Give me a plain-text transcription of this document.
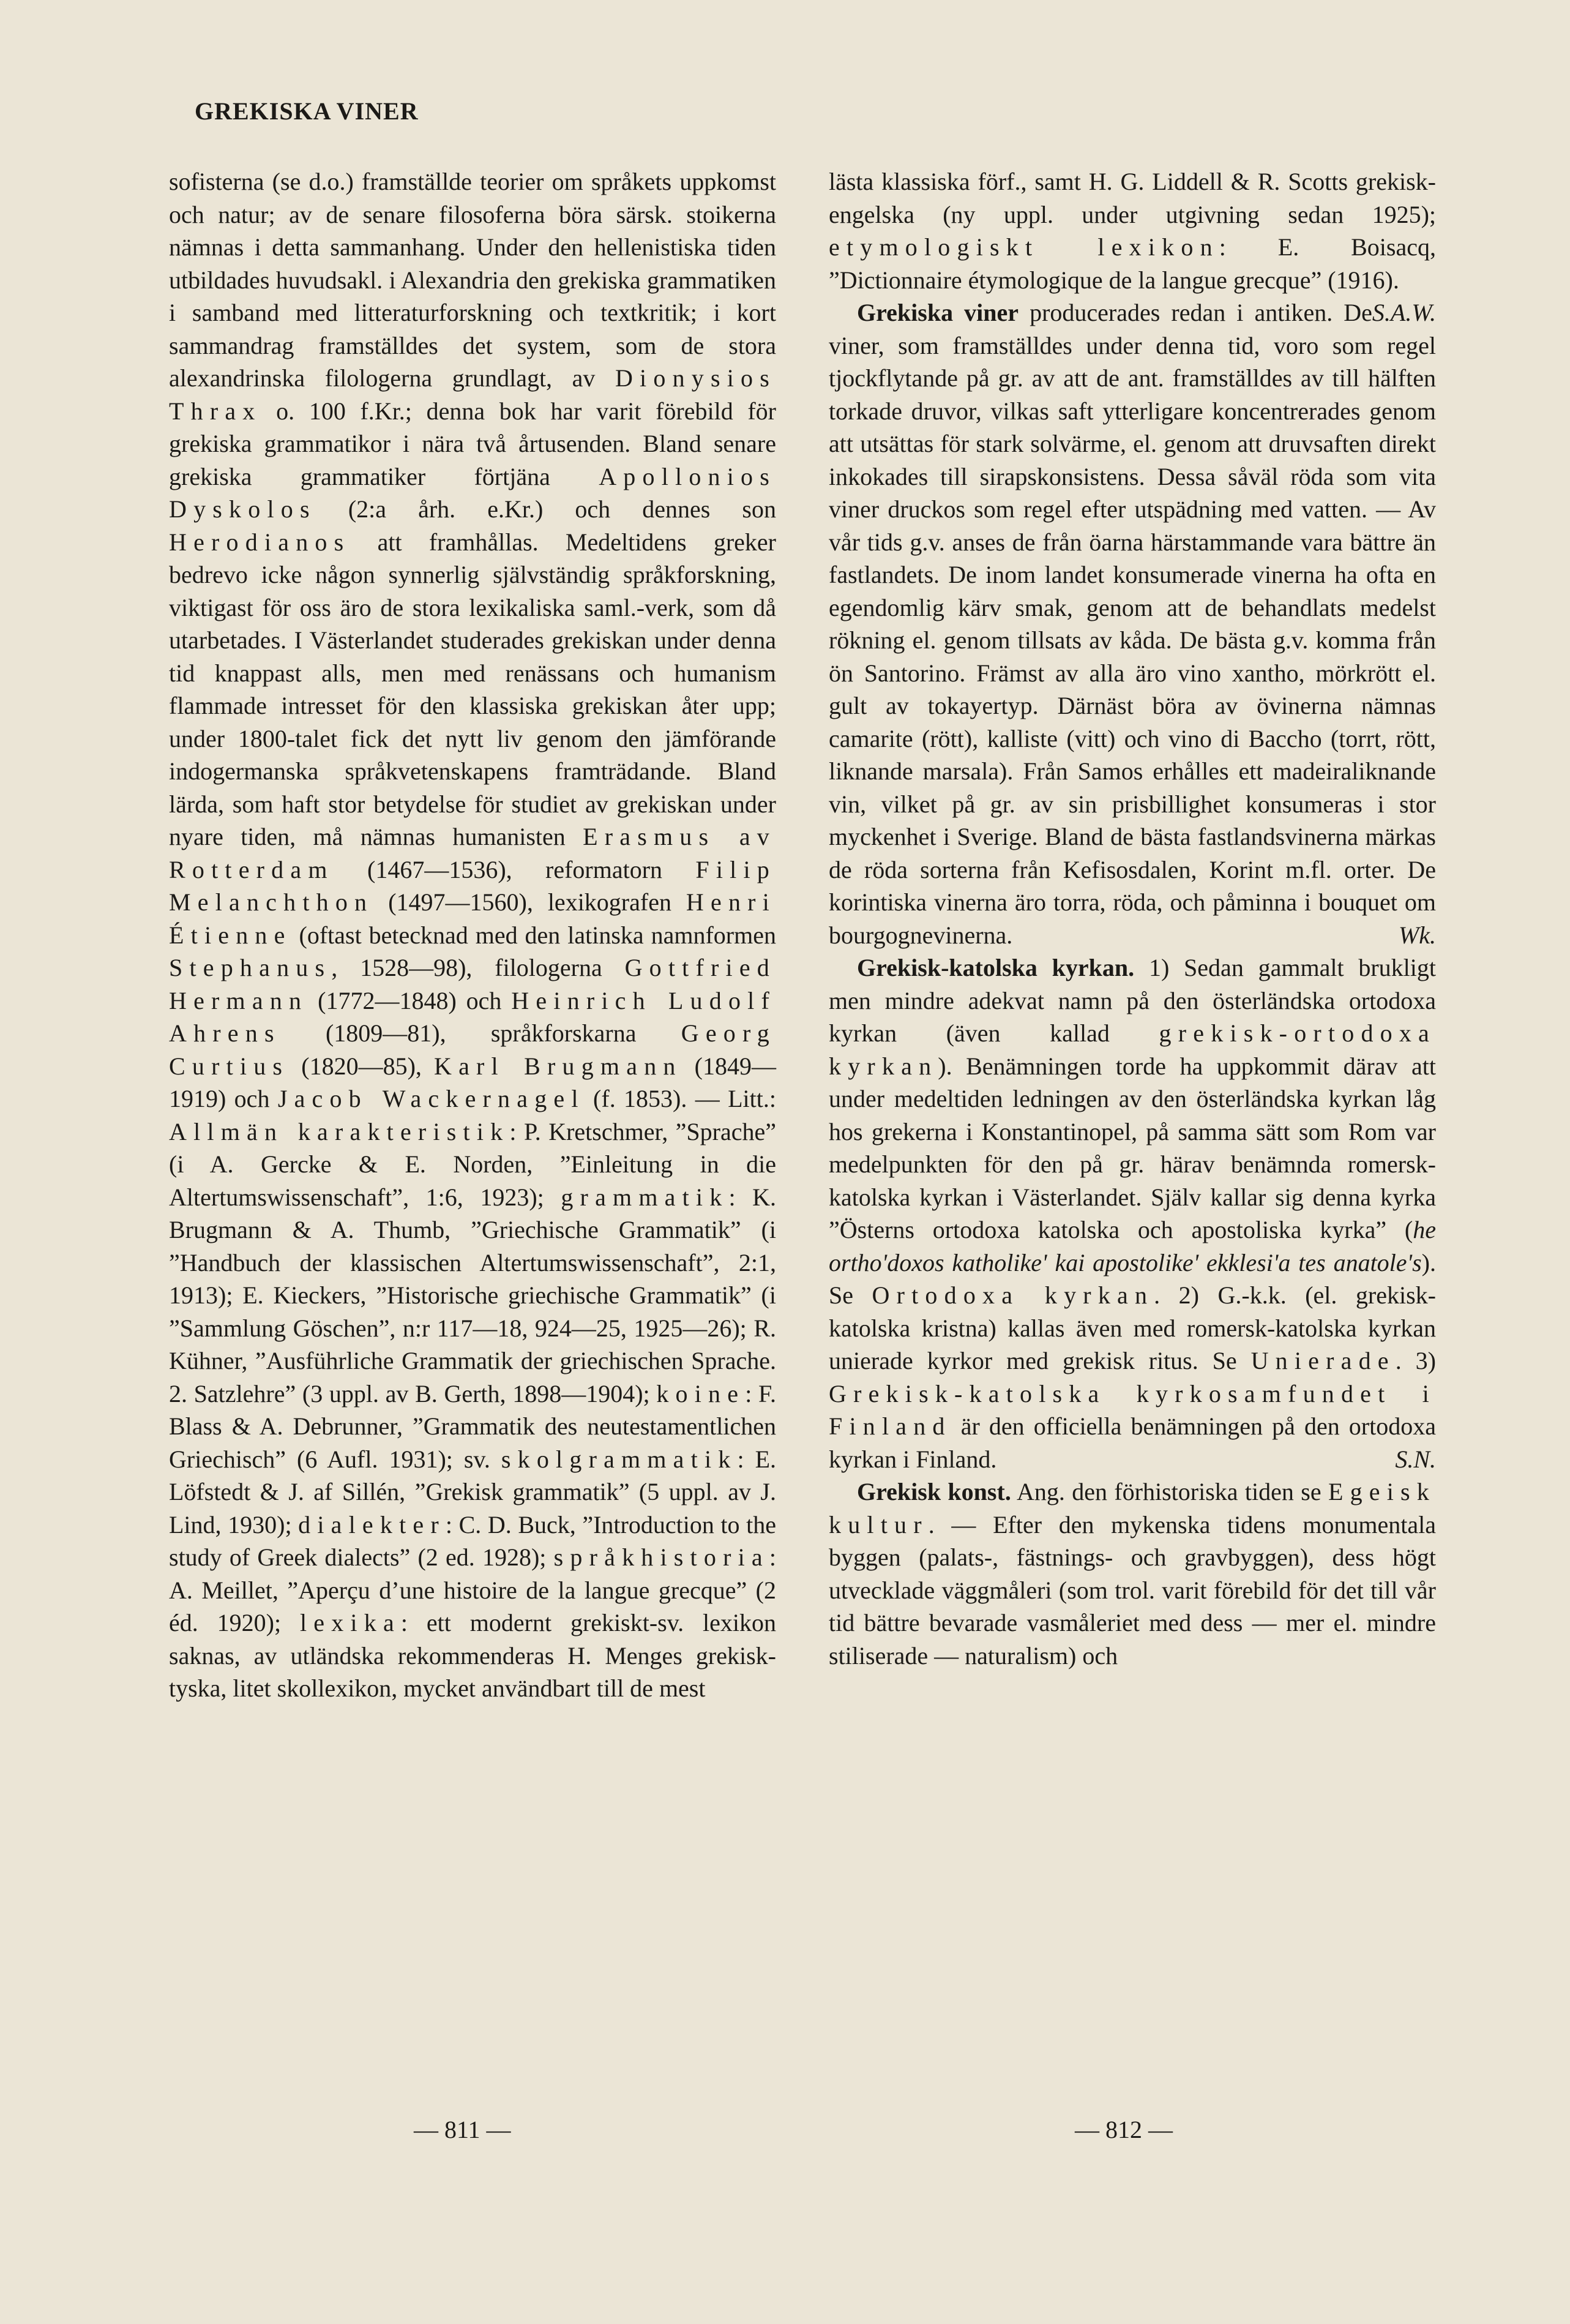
GREKISKA VINER

sofisterna (se d.o.) framställde teorier om språkets uppkomst och natur; av de senare filosoferna böra särsk. stoikerna nämnas i detta sammanhang. Under den hellenistiska tiden utbildades huvudsakl. i Alexandria den grekiska grammatiken i samband med litteraturforskning och textkritik; i kort sammandrag framställdes det system, som de stora alexandrinska filologerna grundlagt, av Dionysios Thrax o. 100 f.Kr.; denna bok har varit förebild för grekiska grammatikor i nära två årtusenden. Bland senare grekiska grammatiker förtjäna Apollonios Dyskolos (2:a årh. e.Kr.) och dennes son Herodianos att framhållas. Medeltidens greker bedrevo icke någon synnerlig självständig språkforskning, viktigast för oss äro de stora lexikaliska saml.-verk, som då utarbetades. I Västerlandet studerades grekiskan under denna tid knappast alls, men med renässans och humanism flammade intresset för den klassiska grekiskan åter upp; under 1800-talet fick det nytt liv genom den jämförande indogermanska språkvetenskapens framträdande. Bland lärda, som haft stor betydelse för studiet av grekiskan under nyare tiden, må nämnas humanisten Erasmus av Rotterdam (1467—1536), reformatorn Filip Melanchthon (1497—1560), lexikografen Henri Étienne (oftast betecknad med den latinska namnformen Stephanus, 1528—98), filologerna Gottfried Hermann (1772—1848) och Heinrich Ludolf Ahrens (1809—81), språkforskarna Georg Curtius (1820—85), Karl Brugmann (1849—1919) och Jacob Wackernagel (f. 1853). — Litt.: Allmän karakteristik: P. Kretschmer, ”Sprache” (i A. Gercke & E. Norden, ”Einleitung in die Altertumswissenschaft”, 1:6, 1923); grammatik: K. Brugmann & A. Thumb, ”Griechische Grammatik” (i ”Handbuch der klassischen Altertumswissenschaft”, 2:1, 1913); E. Kieckers, ”Historische griechische Grammatik” (i ”Sammlung Göschen”, n:r 117—18, 924—25, 1925—26); R. Kühner, ”Ausführliche Grammatik der griechischen Sprache. 2. Satzlehre” (3 uppl. av B. Gerth, 1898—1904); koine: F. Blass & A. Debrunner, ”Grammatik des neutestamentlichen Griechisch” (6 Aufl. 1931); sv. skolgrammatik: E. Löfstedt & J. af Sillén, ”Grekisk grammatik” (5 uppl. av J. Lind, 1930); dialekter: C. D. Buck, ”Introduction to the study of Greek dialects” (2 ed. 1928); språkhistoria: A. Meillet, ”Aperçu d’une histoire de la langue grecque” (2 éd. 1920); lexika: ett modernt grekiskt-sv. lexikon saknas, av utländska rekommenderas H. Menges grekisk-tyska, litet skollexikon, mycket användbart till de mest

lästa klassiska förf., samt H. G. Liddell & R. Scotts grekisk-engelska (ny uppl. under utgivning sedan 1925); etymologiskt lexikon: E. Boisacq, ”Dictionnaire étymologique de la langue grecque” (1916).
S.A.W.

Grekiska viner producerades redan i antiken. De viner, som framställdes under denna tid, voro som regel tjockflytande på gr. av att de ant. framställdes av till hälften torkade druvor, vilkas saft ytterligare koncentrerades genom att utsättas för stark solvärme, el. genom att druvsaften direkt inkokades till sirapskonsistens. Dessa såväl röda som vita viner druckos som regel efter utspädning med vatten. — Av vår tids g.v. anses de från öarna härstammande vara bättre än fastlandets. De inom landet konsumerade vinerna ha ofta en egendomlig kärv smak, genom att de behandlats medelst rökning el. genom tillsats av kåda. De bästa g.v. komma från ön Santorino. Främst av alla äro vino xantho, mörkrött el. gult av tokayertyp. Därnäst böra av övinerna nämnas camarite (rött), kalliste (vitt) och vino di Baccho (torrt, rött, liknande marsala). Från Samos erhålles ett madeiraliknande vin, vilket på gr. av sin prisbillighet konsumeras i stor myckenhet i Sverige. Bland de bästa fastlandsvinerna märkas de röda sorterna från Kefisosdalen, Korint m.fl. orter. De korintiska vinerna äro torra, röda, och påminna i bouquet om bourgognevinerna.	Wk.

Grekisk-katolska kyrkan. 1) Sedan gammalt brukligt men mindre adekvat namn på den österländska ortodoxa kyrkan (även kallad grekisk-ortodoxa kyrkan). Benämningen torde ha uppkommit därav att under medeltiden ledningen av den österländska kyrkan låg hos grekerna i Konstantinopel, på samma sätt som Rom var medelpunkten för den på gr. härav benämnda romersk-katolska kyrkan i Västerlandet. Själv kallar sig denna kyrka ”Österns ortodoxa katolska och apostoliska kyrka” (he ortho'doxos katholike' kai apostolike' ekklesi'a tes anatole's). Se Ortodoxa kyrkan. 2) G.-k.k. (el. grekisk-katolska kristna) kallas även med romersk-katolska kyrkan unierade kyrkor med grekisk ritus. Se Unierade. 3) Grekisk-katolska kyrkosamfundet i Finland är den officiella benämningen på den ortodoxa kyrkan i Finland.	S.N.

Grekisk konst. Ang. den förhistoriska tiden se Egeisk kultur. — Efter den mykenska tidens monumentala byggen (palats-, fästnings- och gravbyggen), dess högt utvecklade väggmåleri (som trol. varit förebild för det till vår tid bättre bevarade vasmåleriet med dess — mer el. mindre stiliserade — naturalism) och

— 811 —	— 812 —
